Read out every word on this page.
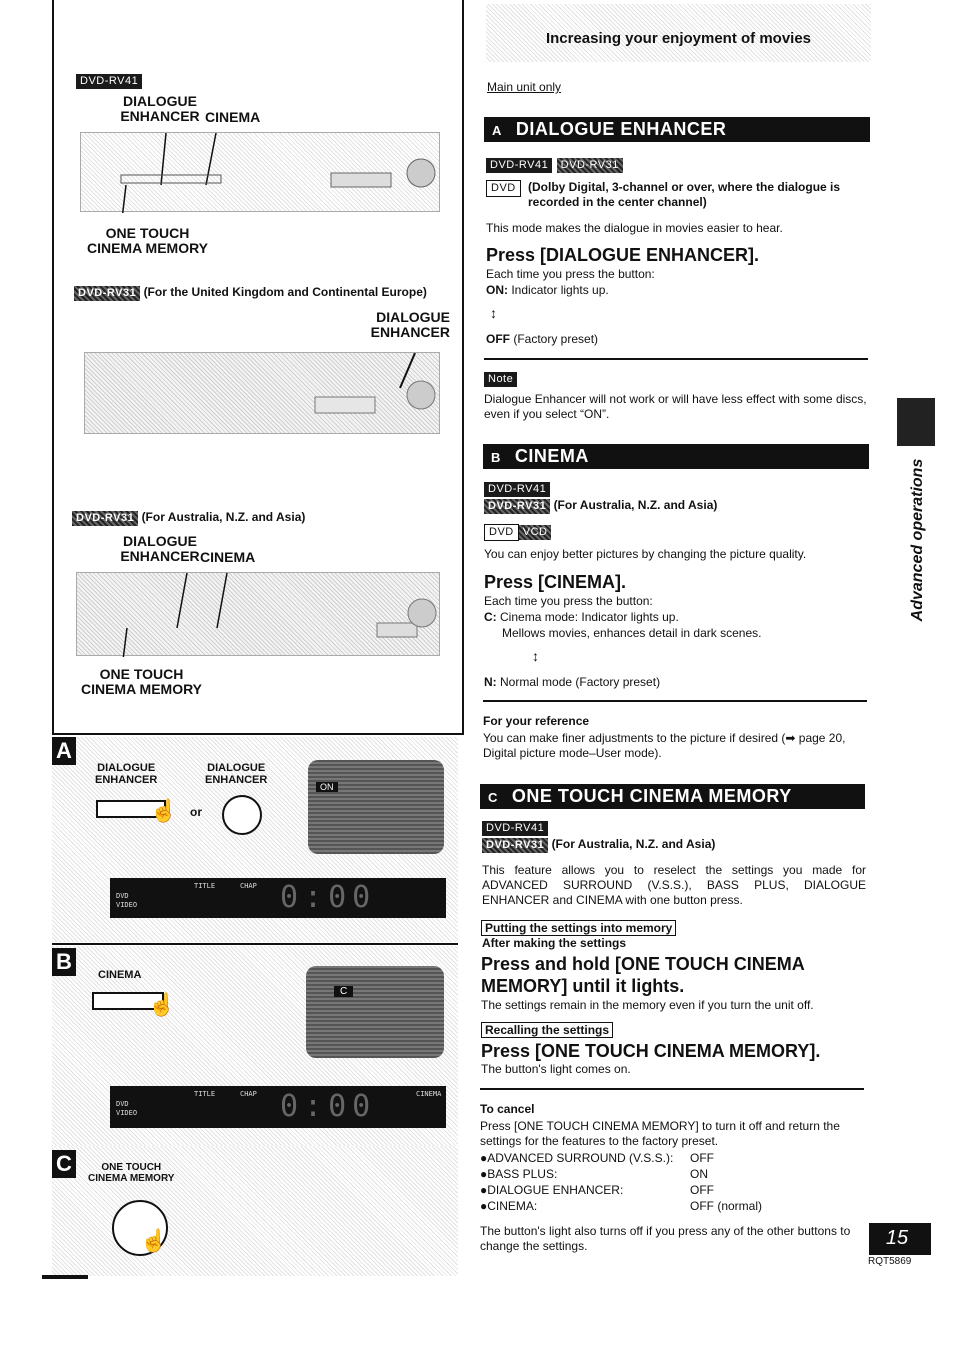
DVD-RV41
DIALOGUE
ENHANCER CINEMA
ONE TOUCH
CINEMA MEMORY
DVD-RV31 (For the United Kingdom and Continental Europe)
DIALOGUE
ENHANCER
DVD-RV31 (For Australia, N.Z. and Asia)
DIALOGUE
ENHANCER CINEMA
ONE TOUCH
CINEMA MEMORY
A
DIALOGUE
ENHANCER
DIALOGUE
ENHANCER
☝ or
ON
DVD
VIDEO
TITLE	CHAP 0:00
B
CINEMA
☝
C
DVD
VIDEO
TITLE	CHAP	CINEMA
0:00
C	ONE TOUCH
CINEMA MEMORY
☝
Increasing your enjoyment of movies
Main unit only
A DIALOGUE ENHANCER
DVD-RV41 DVD-RV31
DVD	(Dolby Digital, 3-channel or over, where the dialogue is recorded in the center channel)
This mode makes the dialogue in movies easier to hear.
Press [DIALOGUE ENHANCER].
Each time you press the button:
ON: Indicator lights up.
↕
OFF (Factory preset)
Note
Dialogue Enhancer will not work or will have less effect with some discs, even if you select “ON”.
B CINEMA
DVD-RV41
DVD-RV31 (For Australia, N.Z. and Asia)
DVD VCD
You can enjoy better pictures by changing the picture quality.
Press [CINEMA].
Each time you press the button:
C: Cinema mode: Indicator lights up.
Mellows movies, enhances detail in dark scenes.
↕
N: Normal mode (Factory preset)
For your reference
You can make finer adjustments to the picture if desired (➡ page 20, Digital picture mode–User mode).
C ONE TOUCH CINEMA MEMORY
DVD-RV41
DVD-RV31 (For Australia, N.Z. and Asia)
This feature allows you to reselect the settings you made for ADVANCED SURROUND (V.S.S.), BASS PLUS, DIALOGUE ENHANCER and CINEMA with one button press.
Putting the settings into memory
After making the settings
Press and hold [ONE TOUCH CINEMA MEMORY] until it lights.
The settings remain in the memory even if you turn the unit off.
Recalling the settings
Press [ONE TOUCH CINEMA MEMORY].
The button's light comes on.
To cancel
Press [ONE TOUCH CINEMA MEMORY] to turn it off and return the settings for the features to the factory preset.
●ADVANCED SURROUND (V.S.S.): OFF
●BASS PLUS:	ON
●DIALOGUE ENHANCER:	OFF
●CINEMA:	OFF (normal)
The button's light also turns off if you press any of the other buttons to change the settings.
Advanced operations
15
RQT5869
